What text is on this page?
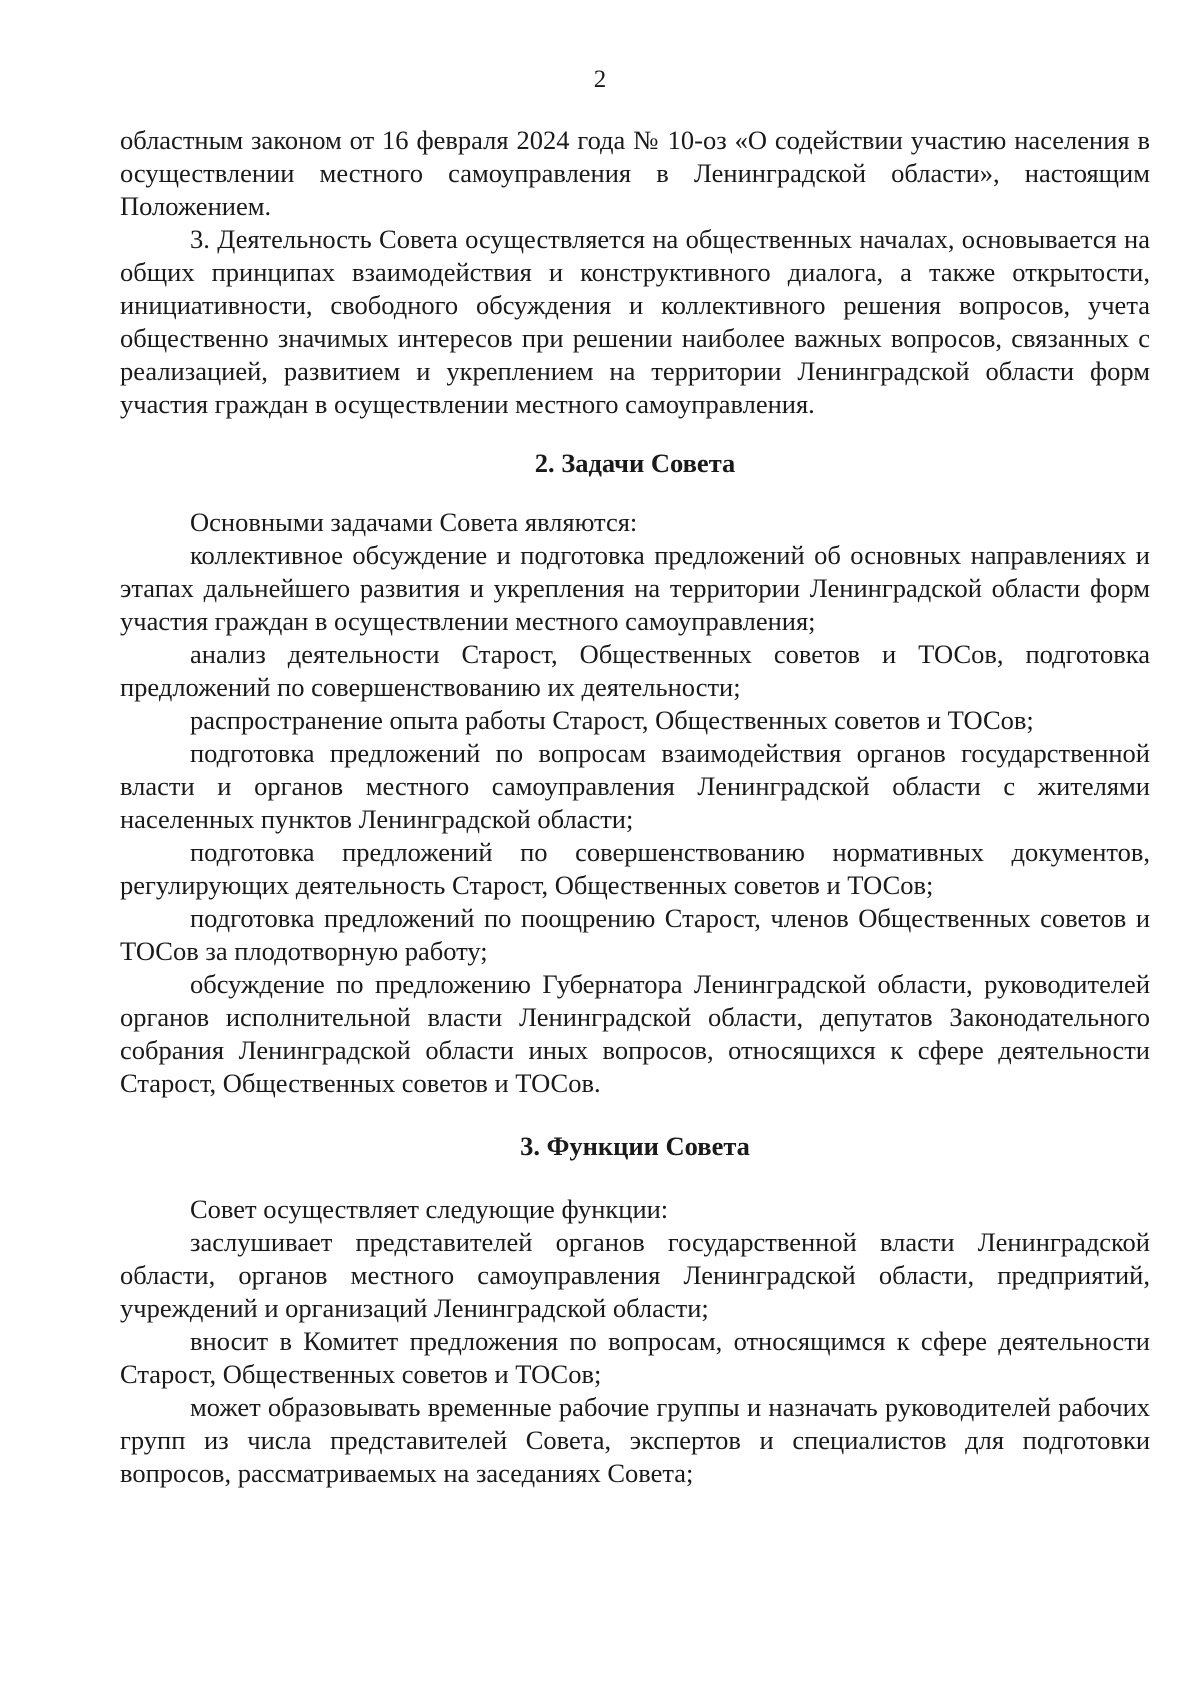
2

областным законом от 16 февраля 2024 года № 10-оз «О содействии участию населения в осуществлении местного самоуправления в Ленинградской области», настоящим Положением.

3. Деятельность Совета осуществляется на общественных началах, основывается на общих принципах взаимодействия и конструктивного диалога, а также открытости, инициативности, свободного обсуждения и коллективного решения вопросов, учета общественно значимых интересов при решении наиболее важных вопросов, связанных с реализацией, развитием и укреплением на территории Ленинградской области форм участия граждан в осуществлении местного самоуправления.

2. Задачи Совета

Основными задачами Совета являются:

коллективное обсуждение и подготовка предложений об основных направлениях и этапах дальнейшего развития и укрепления на территории Ленинградской области форм участия граждан в осуществлении местного самоуправления;

анализ деятельности Старост, Общественных советов и ТОСов, подготовка предложений по совершенствованию их деятельности;

распространение опыта работы Старост, Общественных советов и ТОСов;

подготовка предложений по вопросам взаимодействия органов государственной власти и органов местного самоуправления Ленинградской области с жителями населенных пунктов Ленинградской области;

подготовка предложений по совершенствованию нормативных документов, регулирующих деятельность Старост, Общественных советов и ТОСов;

подготовка предложений по поощрению Старост, членов Общественных советов и ТОСов за плодотворную работу;

обсуждение по предложению Губернатора Ленинградской области, руководителей органов исполнительной власти Ленинградской области, депутатов Законодательного собрания Ленинградской области иных вопросов, относящихся к сфере деятельности Старост, Общественных советов и ТОСов.

3. Функции Совета

Совет осуществляет следующие функции:

заслушивает представителей органов государственной власти Ленинградской области, органов местного самоуправления Ленинградской области, предприятий, учреждений и организаций Ленинградской области;

вносит в Комитет предложения по вопросам, относящимся к сфере деятельности Старост, Общественных советов и ТОСов;

может образовывать временные рабочие группы и назначать руководителей рабочих групп из числа представителей Совета, экспертов и специалистов для подготовки вопросов, рассматриваемых на заседаниях Совета;
